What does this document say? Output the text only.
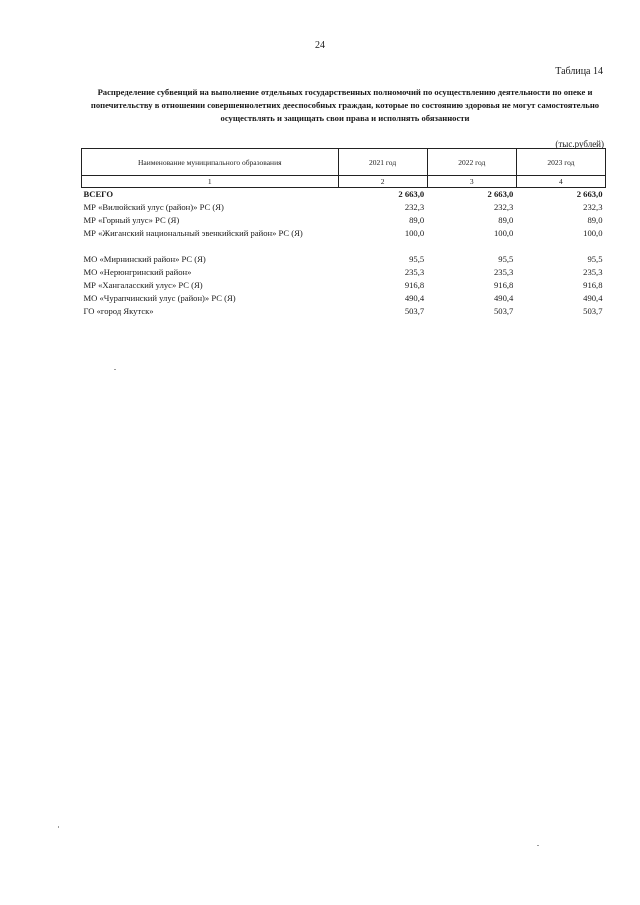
24
Таблица 14
Распределение субвенций на выполнение отдельных государственных полномочий по осуществлению деятельности по опеке и попечительству в отношении совершеннолетних дееспособных граждан, которые по состоянию здоровья не могут самостоятельно осуществлять и защищать свои права и исполнять обязанности
(тыс.рублей)
Наименование муниципального образования	2021 год	2022 год	2023 год
1	2	3	4
ВСЕГО	2 663,0	2 663,0	2 663,0
МР «Вилюйский улус (район)» РС (Я)	232,3	232,3	232,3
МР «Горный улус» РС (Я)	89,0	89,0	89,0
МР «Жиганский национальный эвенкийский район» РС (Я)	100,0	100,0	100,0

МО «Мирнинский район» РС (Я)	95,5	95,5	95,5
МО «Нерюнгринский район»	235,3	235,3	235,3
МР «Хангаласский улус» РС (Я)	916,8	916,8	916,8
МО «Чурапчинский улус (район)» РС (Я)	490,4	490,4	490,4
ГО «город Якутск»	503,7	503,7	503,7
